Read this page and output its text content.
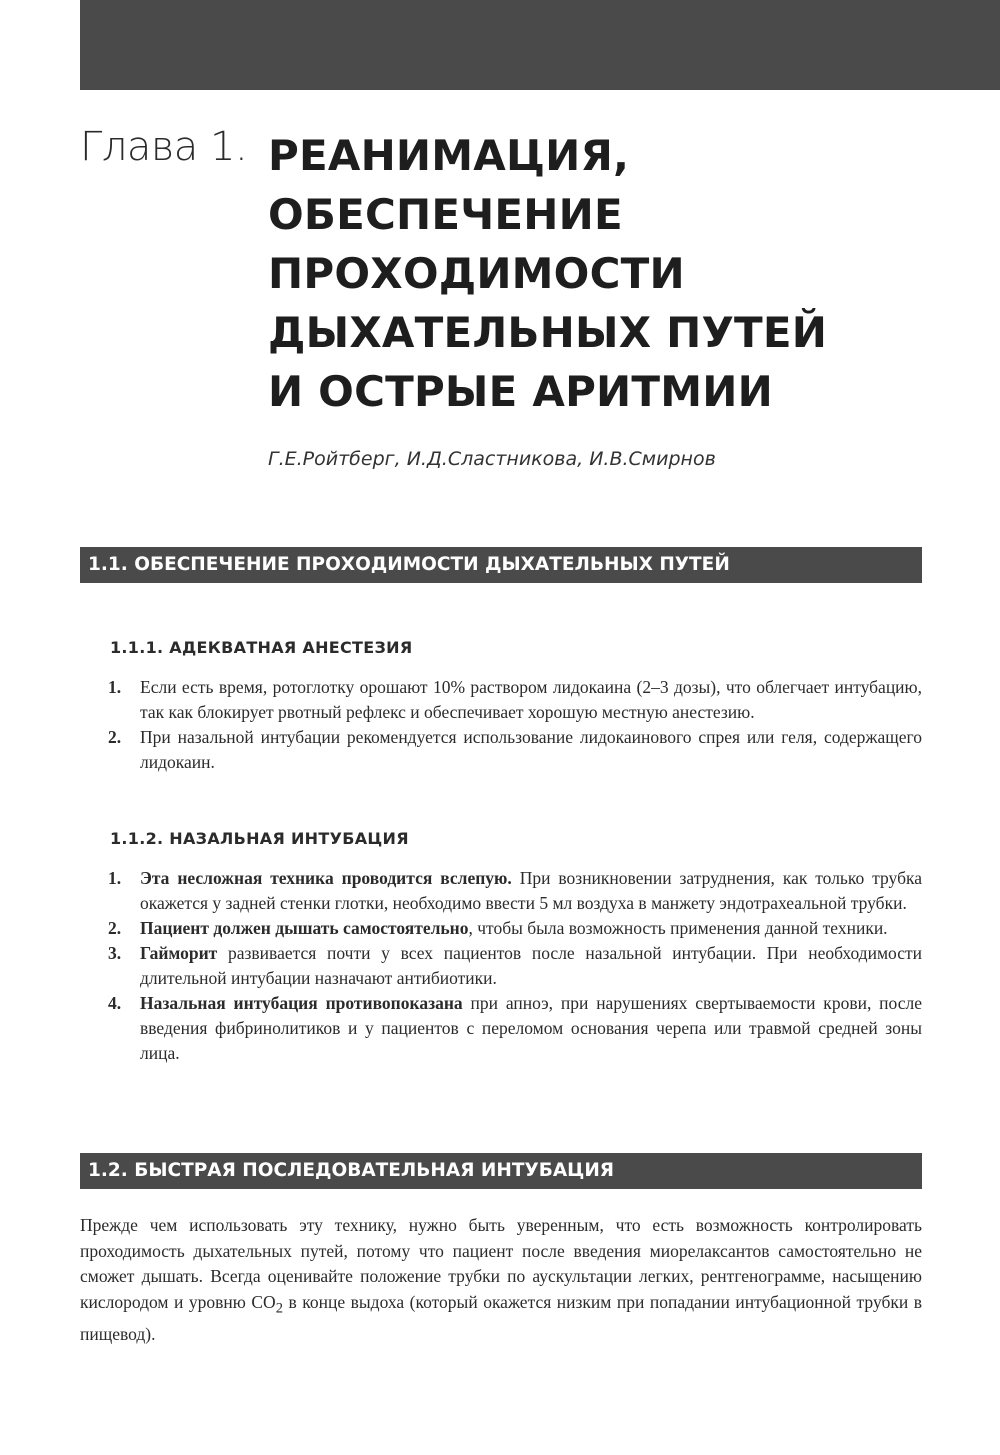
Глава 1. РЕАНИМАЦИЯ,
ОБЕСПЕЧЕНИЕ
ПРОХОДИМОСТИ
ДЫХАТЕЛЬНЫХ ПУТЕЙ
И ОСТРЫЕ АРИТМИИ
Г.Е.Ройтберг, И.Д.Сластникова, И.В.Смирнов
1.1. ОБЕСПЕЧЕНИЕ ПРОХОДИМОСТИ ДЫХАТЕЛЬНЫХ ПУТЕЙ
1.1.1. АДЕКВАТНАЯ АНЕСТЕЗИЯ
1. Если есть время, ротоглотку орошают 10% раствором лидокаина (2–3 дозы), что облегчает интубацию, так как блокирует рвотный рефлекс и обеспечивает хорошую местную анестезию.
2. При назальной интубации рекомендуется использование лидокаинового спрея или геля, содержащего лидокаин.
1.1.2. НАЗАЛЬНАЯ ИНТУБАЦИЯ
1. Эта несложная техника проводится вслепую. При возникновении затруднения, как только трубка окажется у задней стенки глотки, необходимо ввести 5 мл воздуха в манжету эндотрахеальной трубки.
2. Пациент должен дышать самостоятельно, чтобы была возможность применения данной техники.
3. Гайморит развивается почти у всех пациентов после назальной интубации. При необходимости длительной интубации назначают антибиотики.
4. Назальная интубация противопоказана при апноэ, при нарушениях свертываемости крови, после введения фибринолитиков и у пациентов с переломом основания черепа или травмой средней зоны лица.
1.2. БЫСТРАЯ ПОСЛЕДОВАТЕЛЬНАЯ ИНТУБАЦИЯ
Прежде чем использовать эту технику, нужно быть уверенным, что есть возможность контролировать проходимость дыхательных путей, потому что пациент после введения миорелаксантов самостоятельно не сможет дышать. Всегда оценивайте положение трубки по аускультации легких, рентгенограмме, насыщению кислородом и уровню $CO_2$ в конце выдоха (который окажется низким при попадании интубационной трубки в пищевод).
